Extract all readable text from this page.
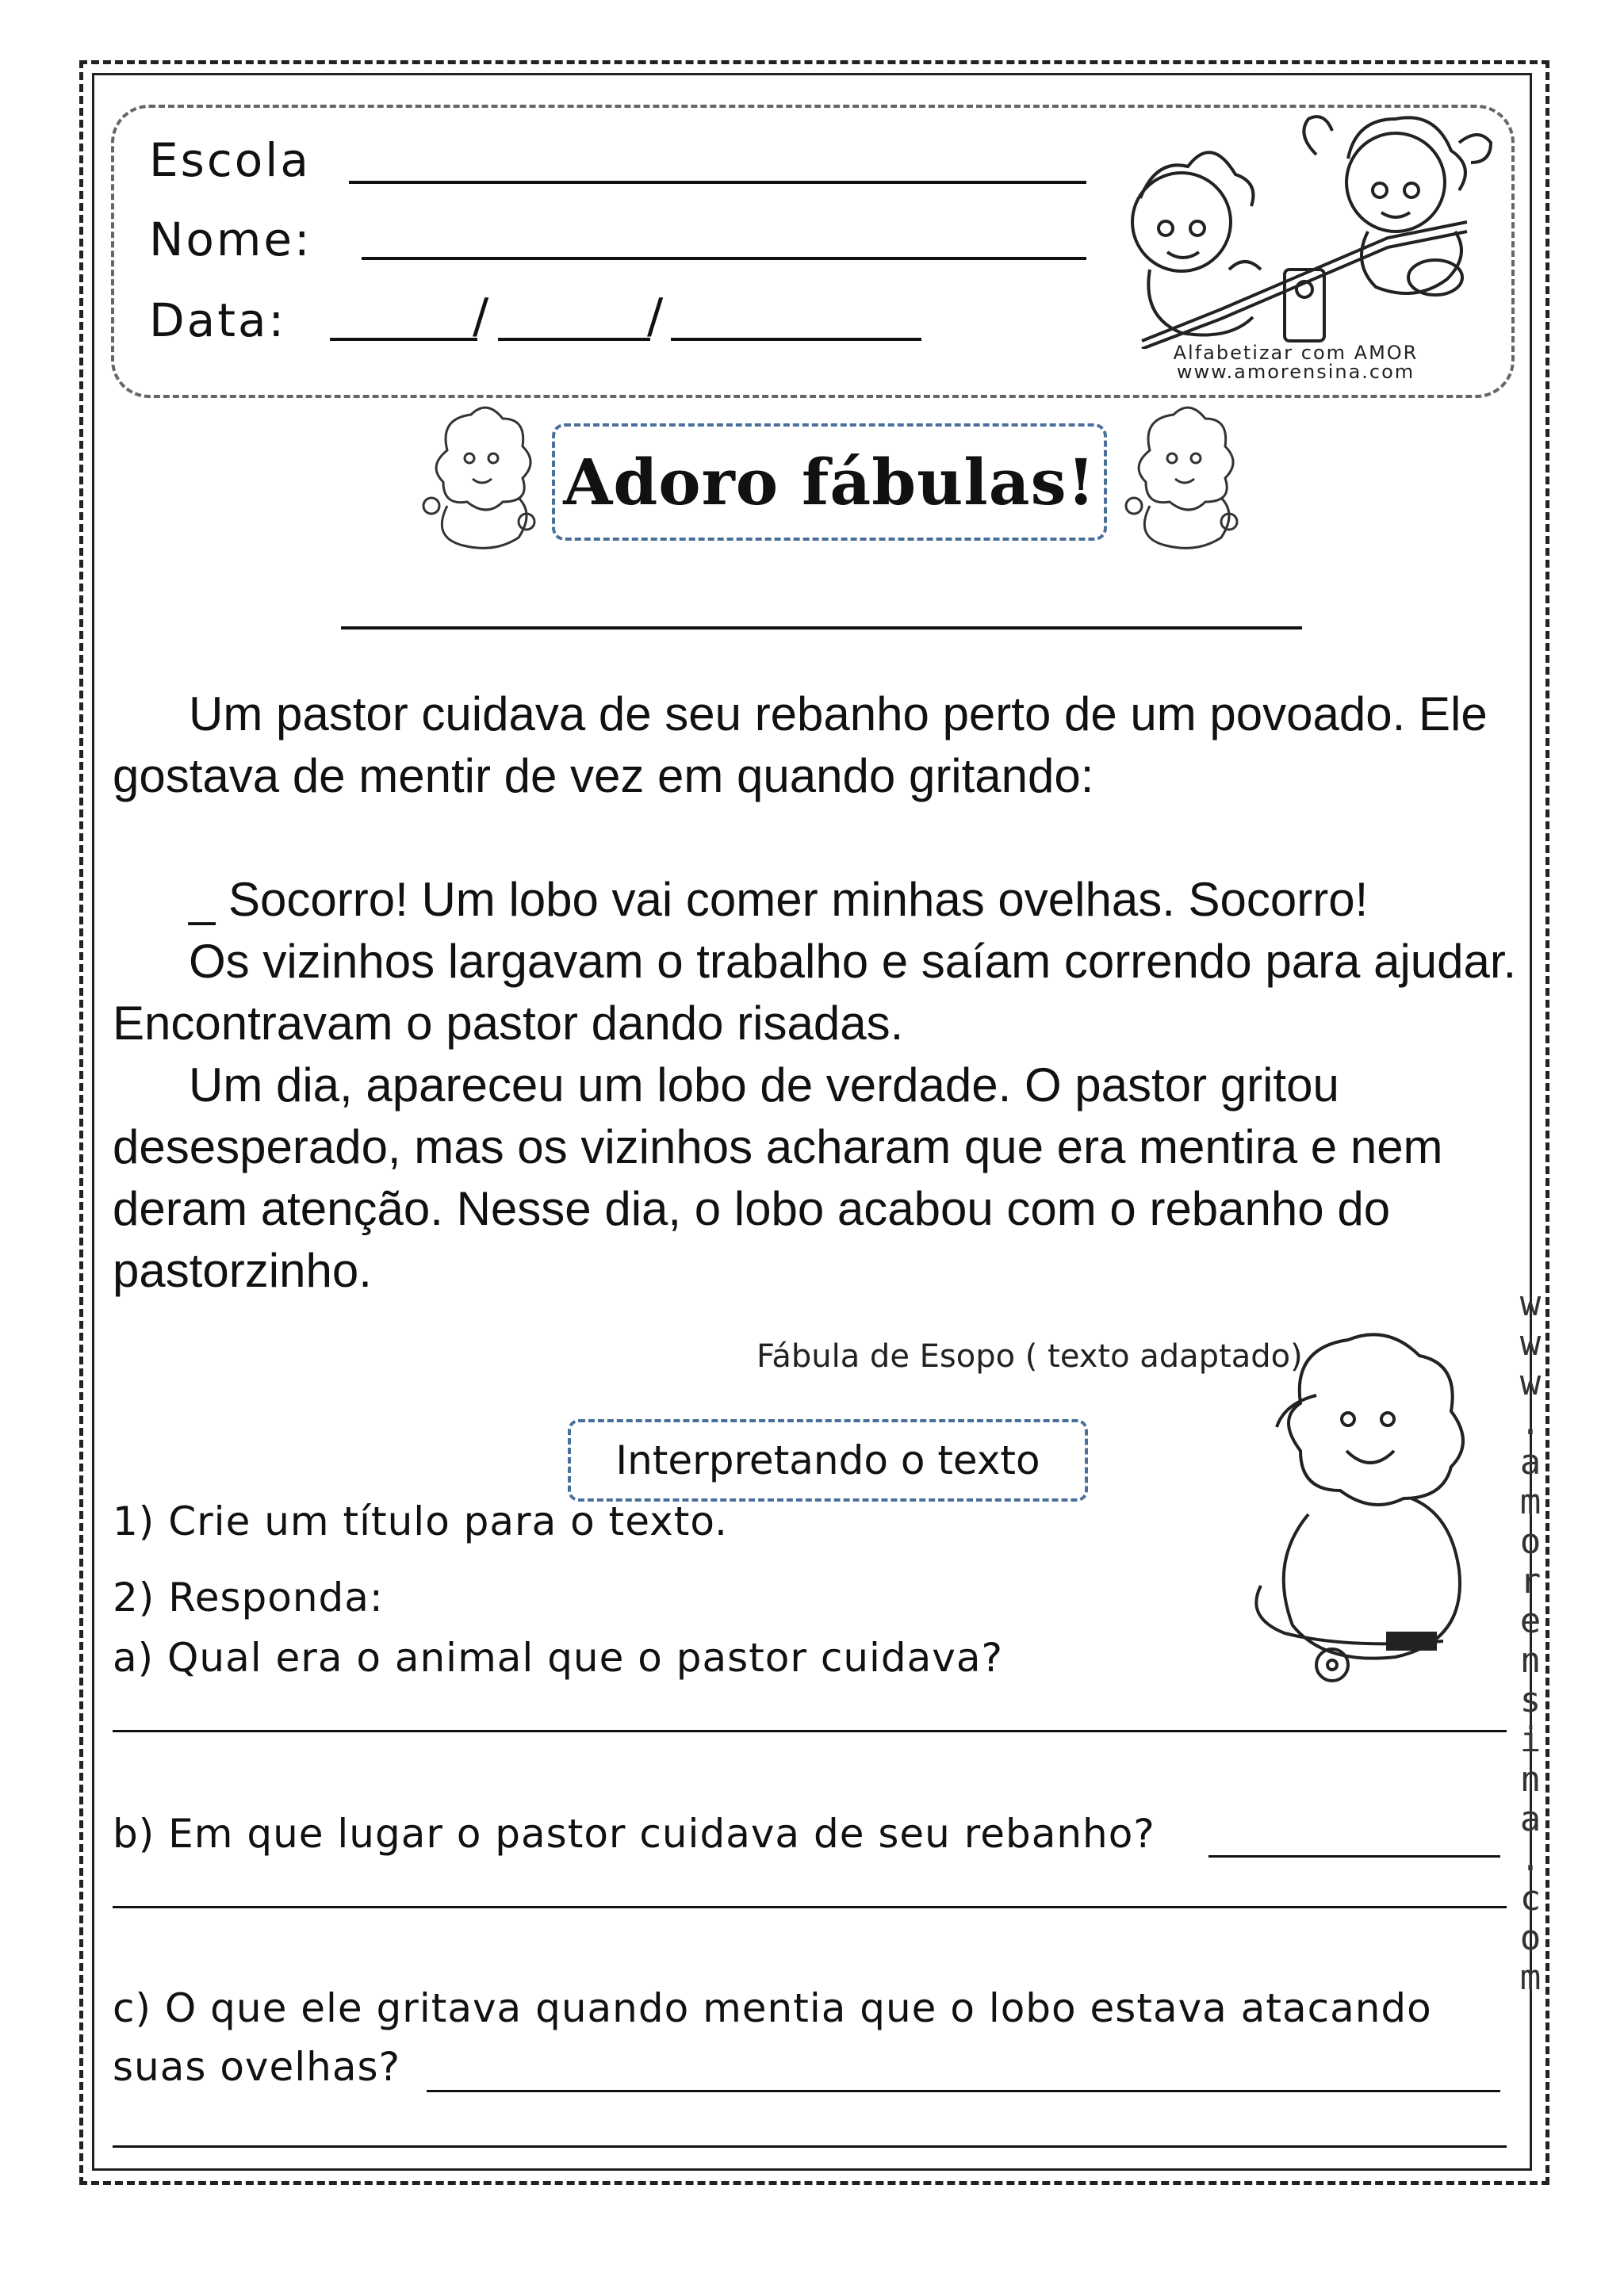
Escola
Nome:
Data:	/	/
Alfabetizar com AMOR
www.amorensina.com
Adoro fábulas!

Um pastor cuidava de seu rebanho perto de um povoado. Ele gostava de mentir de vez em quando gritando:

_ Socorro! Um lobo vai comer minhas ovelhas. Socorro!

Os vizinhos largavam o trabalho e saíam correndo para ajudar. Encontravam o pastor dando risadas.

Um dia, apareceu um lobo de verdade. O pastor gritou desesperado, mas os vizinhos acharam que era mentira e nem deram atenção. Nesse dia, o lobo acabou com o rebanho do pastorzinho.

Fábula de Esopo ( texto adaptado)
Interpretando o texto
1) Crie um título para o texto.
2) Responda:
a) Qual era o animal que o pastor cuidava?
b) Em que lugar o pastor cuidava de seu rebanho?
c) O que ele gritava quando mentia que o lobo estava atacando
suas ovelhas?
w
w
w
.
a
m
o
r
e
n
s
i
n
a
.
c
o
m
